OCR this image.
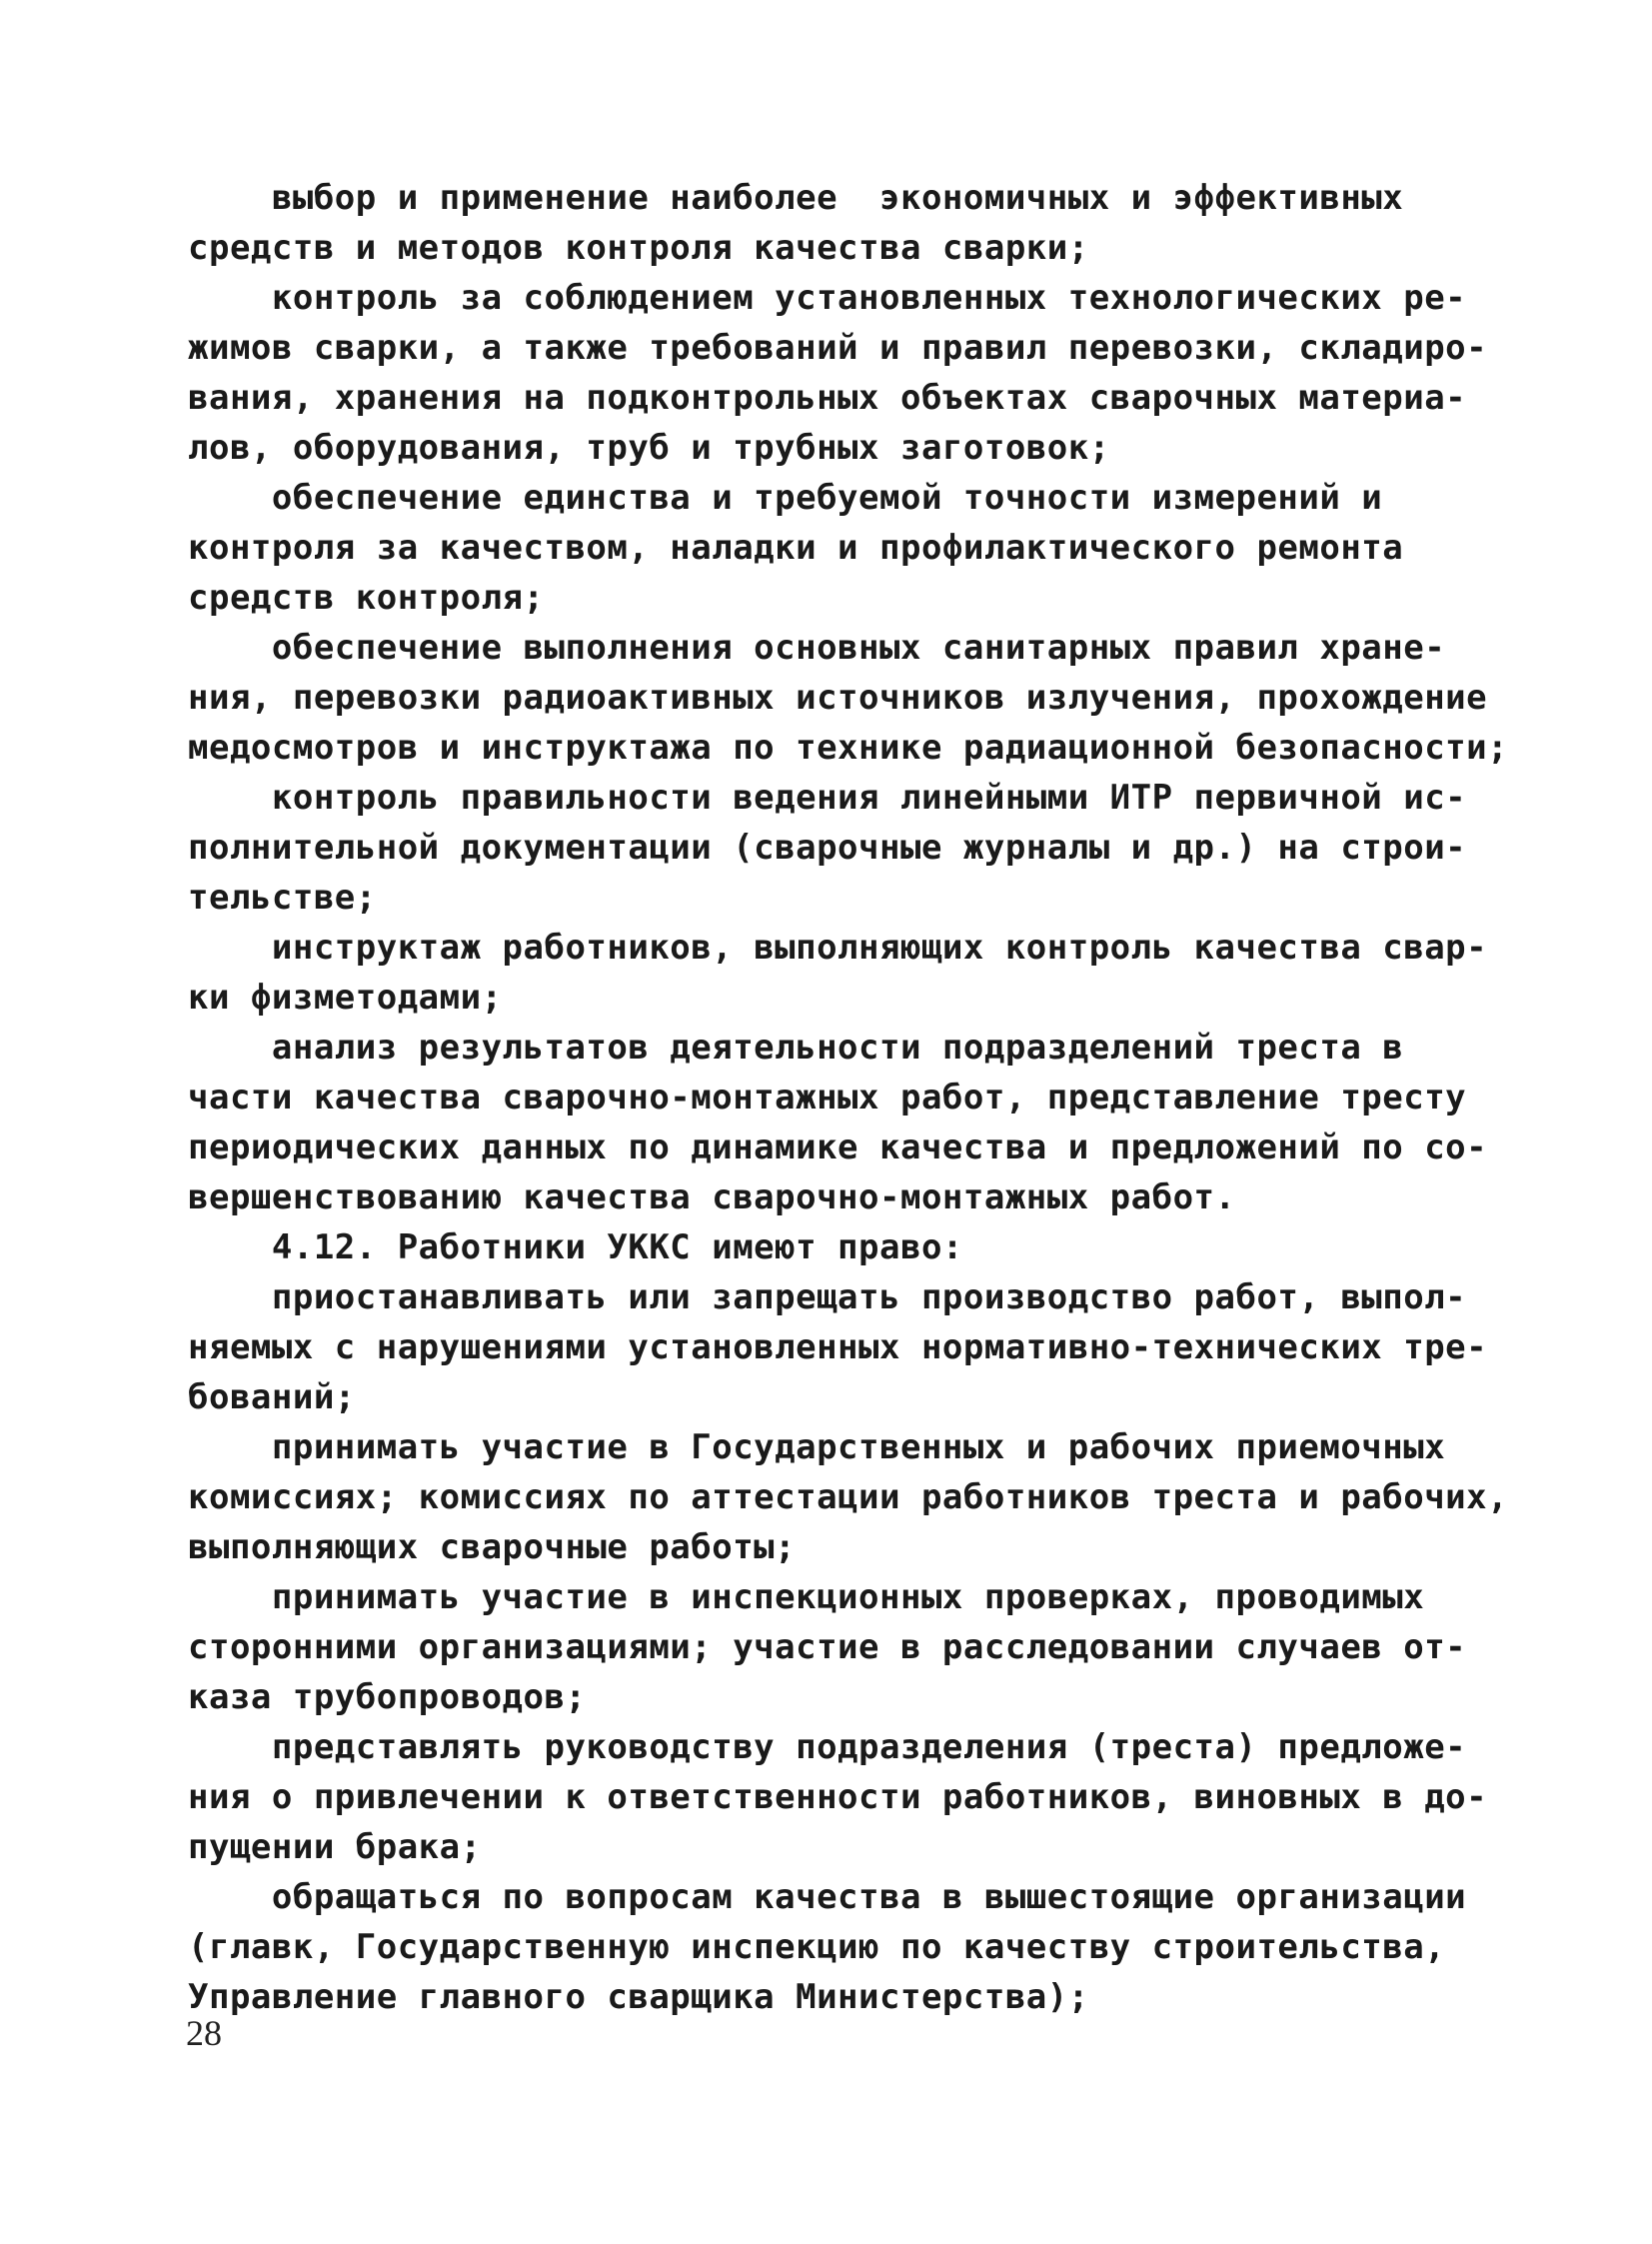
выбор и применение наиболее  экономичных и эффективных
средств и методов контроля качества сварки;
контроль за соблюдением установленных технологических ре-
жимов сварки, а также требований и правил перевозки, складиро-
вания, хранения на подконтрольных объектах сварочных материа-
лов, оборудования, труб и трубных заготовок;
обеспечение единства и требуемой точности измерений и
контроля за качеством, наладки и профилактического ремонта
средств контроля;
обеспечение выполнения основных санитарных правил хране-
ния, перевозки радиоактивных источников излучения, прохождение
медосмотров и инструктажа по технике радиационной безопасности;
контроль правильности ведения линейными ИТР первичной ис-
полнительной документации (сварочные журналы и др.) на строи-
тельстве;
инструктаж работников, выполняющих контроль качества свар-
ки физметодами;
анализ результатов деятельности подразделений треста в
части качества сварочно-монтажных работ, представление тресту
периодических данных по динамике качества и предложений по со-
вершенствованию качества сварочно-монтажных работ.
4.12. Работники УККС имеют право:
приостанавливать или запрещать производство работ, выпол-
няемых с нарушениями установленных нормативно-технических тре-
бований;
принимать участие в Государственных и рабочих приемочных
комиссиях; комиссиях по аттестации работников треста и рабочих,
выполняющих сварочные работы;
принимать участие в инспекционных проверках, проводимых
сторонними организациями; участие в расследовании случаев от-
каза трубопроводов;
представлять руководству подразделения (треста) предложе-
ния о привлечении к ответственности работников, виновных в до-
пущении брака;
обращаться по вопросам качества в вышестоящие организации
(главк, Государственную инспекцию по качеству строительства,
Управление главного сварщика Министерства);
28
